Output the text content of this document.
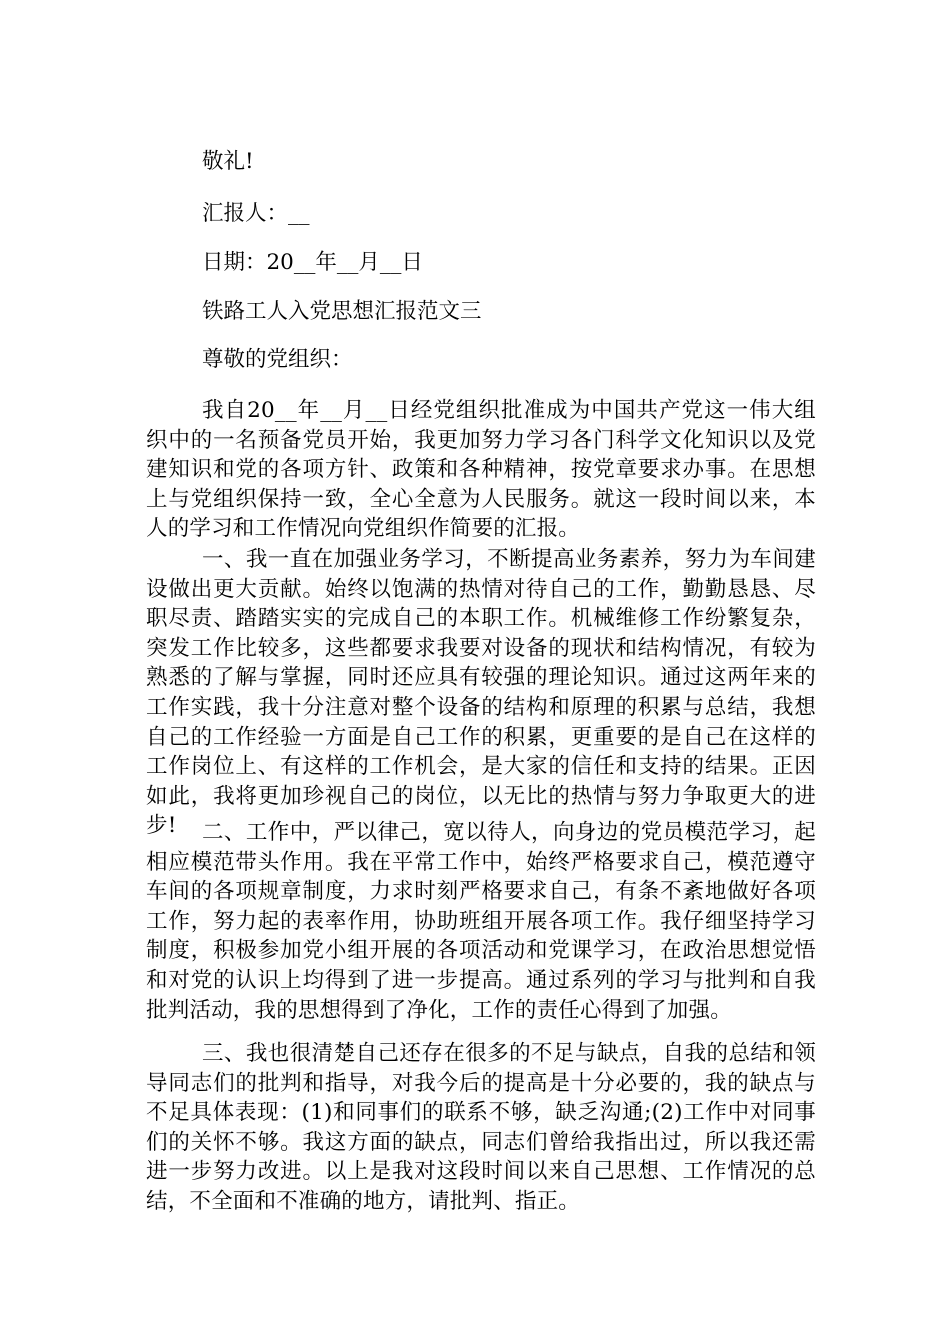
敬礼!

汇报人：__

日期：20__年__月__日

铁路工人入党思想汇报范文三

尊敬的党组织：

我自20__年__月__日经党组织批准成为中国共产党这一伟大组织中的一名预备党员开始，我更加努力学习各门科学文化知识以及党建知识和党的各项方针、政策和各种精神，按党章要求办事。在思想上与党组织保持一致，全心全意为人民服务。就这一段时间以来，本人的学习和工作情况向党组织作简要的汇报。

一、我一直在加强业务学习，不断提高业务素养，努力为车间建设做出更大贡献。始终以饱满的热情对待自己的工作，勤勤恳恳、尽职尽责、踏踏实实的完成自己的本职工作。机械维修工作纷繁复杂，突发工作比较多，这些都要求我要对设备的现状和结构情况，有较为熟悉的了解与掌握，同时还应具有较强的理论知识。通过这两年来的工作实践，我十分注意对整个设备的结构和原理的积累与总结，我想自己的工作经验一方面是自己工作的积累，更重要的是自己在这样的工作岗位上、有这样的工作机会，是大家的信任和支持的结果。正因如此，我将更加珍视自己的岗位，以无比的热情与努力争取更大的进步!	二、工作中，严以律己，宽以待人，向身边的党员模范学习，起相应模范带头作用。我在平常工作中，始终严格要求自己，模范遵守车间的各项规章制度，力求时刻严格要求自己，有条不紊地做好各项工作，努力起的表率作用，协助班组开展各项工作。我仔细坚持学习制度，积极参加党小组开展的各项活动和党课学习，在政治思想觉悟和对党的认识上均得到了进一步提高。通过系列的学习与批判和自我批判活动，我的思想得到了净化，工作的责任心得到了加强。

三、我也很清楚自己还存在很多的不足与缺点，自我的总结和领导同志们的批判和指导，对我今后的提高是十分必要的，我的缺点与不足具体表现：(1)和同事们的联系不够，缺乏沟通;(2)工作中对同事们的关怀不够。我这方面的缺点，同志们曾给我指出过，所以我还需进一步努力改进。以上是我对这段时间以来自己思想、工作情况的总结，不全面和不准确的地方，请批判、指正。
